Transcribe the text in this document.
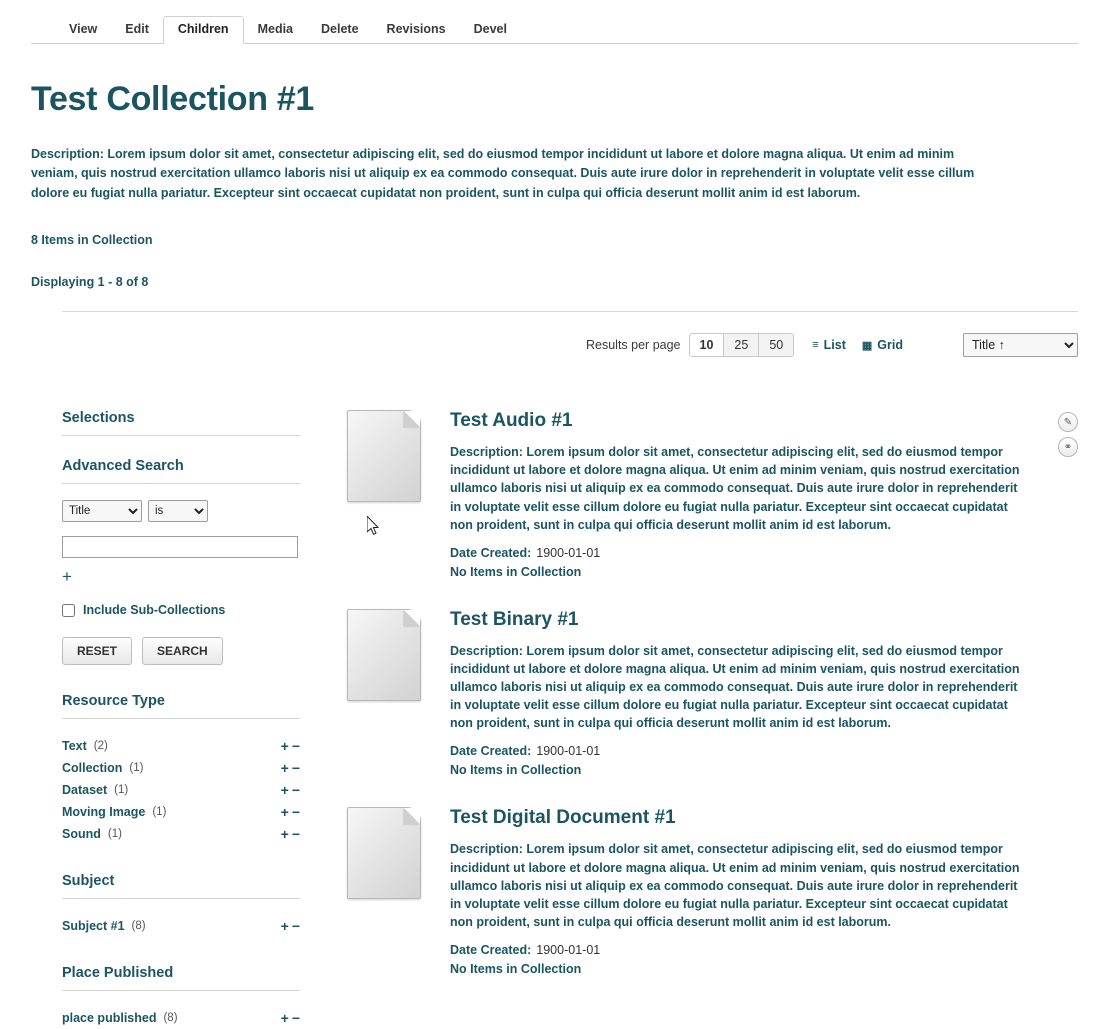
View	Edit	Children	Media	Delete	Revisions	Devel
Test Collection #1

Description: Lorem ipsum dolor sit amet, consectetur adipiscing elit, sed do eiusmod tempor incididunt ut labore et dolore magna aliqua. Ut enim ad minim veniam, quis nostrud exercitation ullamco laboris nisi ut aliquip ex ea commodo consequat. Duis aute irure dolor in reprehenderit in voluptate velit esse cillum dolore eu fugiat nulla pariatur. Excepteur sint occaecat cupidatat non proident, sunt in culpa qui officia deserunt mollit anim id est laborum.

8 Items in Collection
Displaying 1 - 8 of 8
Results per page	10	25	50	≡ List ▦ Grid
Title ↑
Selections
Advanced Search
Title
is
+
Include Sub-Collections
RESET	SEARCH
Resource Type
Text (2)	+ −
Collection (1)	+ −
Dataset (1)	+ −
Moving Image (1)	+ −
Sound (1)	+ −
Subject
Subject #1 (8)	+ −
Place Published
place published (8)	+ −
Test Audio #1
Description: Lorem ipsum dolor sit amet, consectetur adipiscing elit, sed do eiusmod tempor incididunt ut labore et dolore magna aliqua. Ut enim ad minim veniam, quis nostrud exercitation ullamco laboris nisi ut aliquip ex ea commodo consequat. Duis aute irure dolor in reprehenderit in voluptate velit esse cillum dolore eu fugiat nulla pariatur. Excepteur sint occaecat cupidatat non proident, sunt in culpa qui officia deserunt mollit anim id est laborum.
Date Created: 1900-01-01
No Items in Collection
✎
⚭
Test Binary #1
Description: Lorem ipsum dolor sit amet, consectetur adipiscing elit, sed do eiusmod tempor incididunt ut labore et dolore magna aliqua. Ut enim ad minim veniam, quis nostrud exercitation ullamco laboris nisi ut aliquip ex ea commodo consequat. Duis aute irure dolor in reprehenderit in voluptate velit esse cillum dolore eu fugiat nulla pariatur. Excepteur sint occaecat cupidatat non proident, sunt in culpa qui officia deserunt mollit anim id est laborum.
Date Created: 1900-01-01
No Items in Collection
Test Digital Document #1
Description: Lorem ipsum dolor sit amet, consectetur adipiscing elit, sed do eiusmod tempor incididunt ut labore et dolore magna aliqua. Ut enim ad minim veniam, quis nostrud exercitation ullamco laboris nisi ut aliquip ex ea commodo consequat. Duis aute irure dolor in reprehenderit in voluptate velit esse cillum dolore eu fugiat nulla pariatur. Excepteur sint occaecat cupidatat non proident, sunt in culpa qui officia deserunt mollit anim id est laborum.
Date Created: 1900-01-01
No Items in Collection
